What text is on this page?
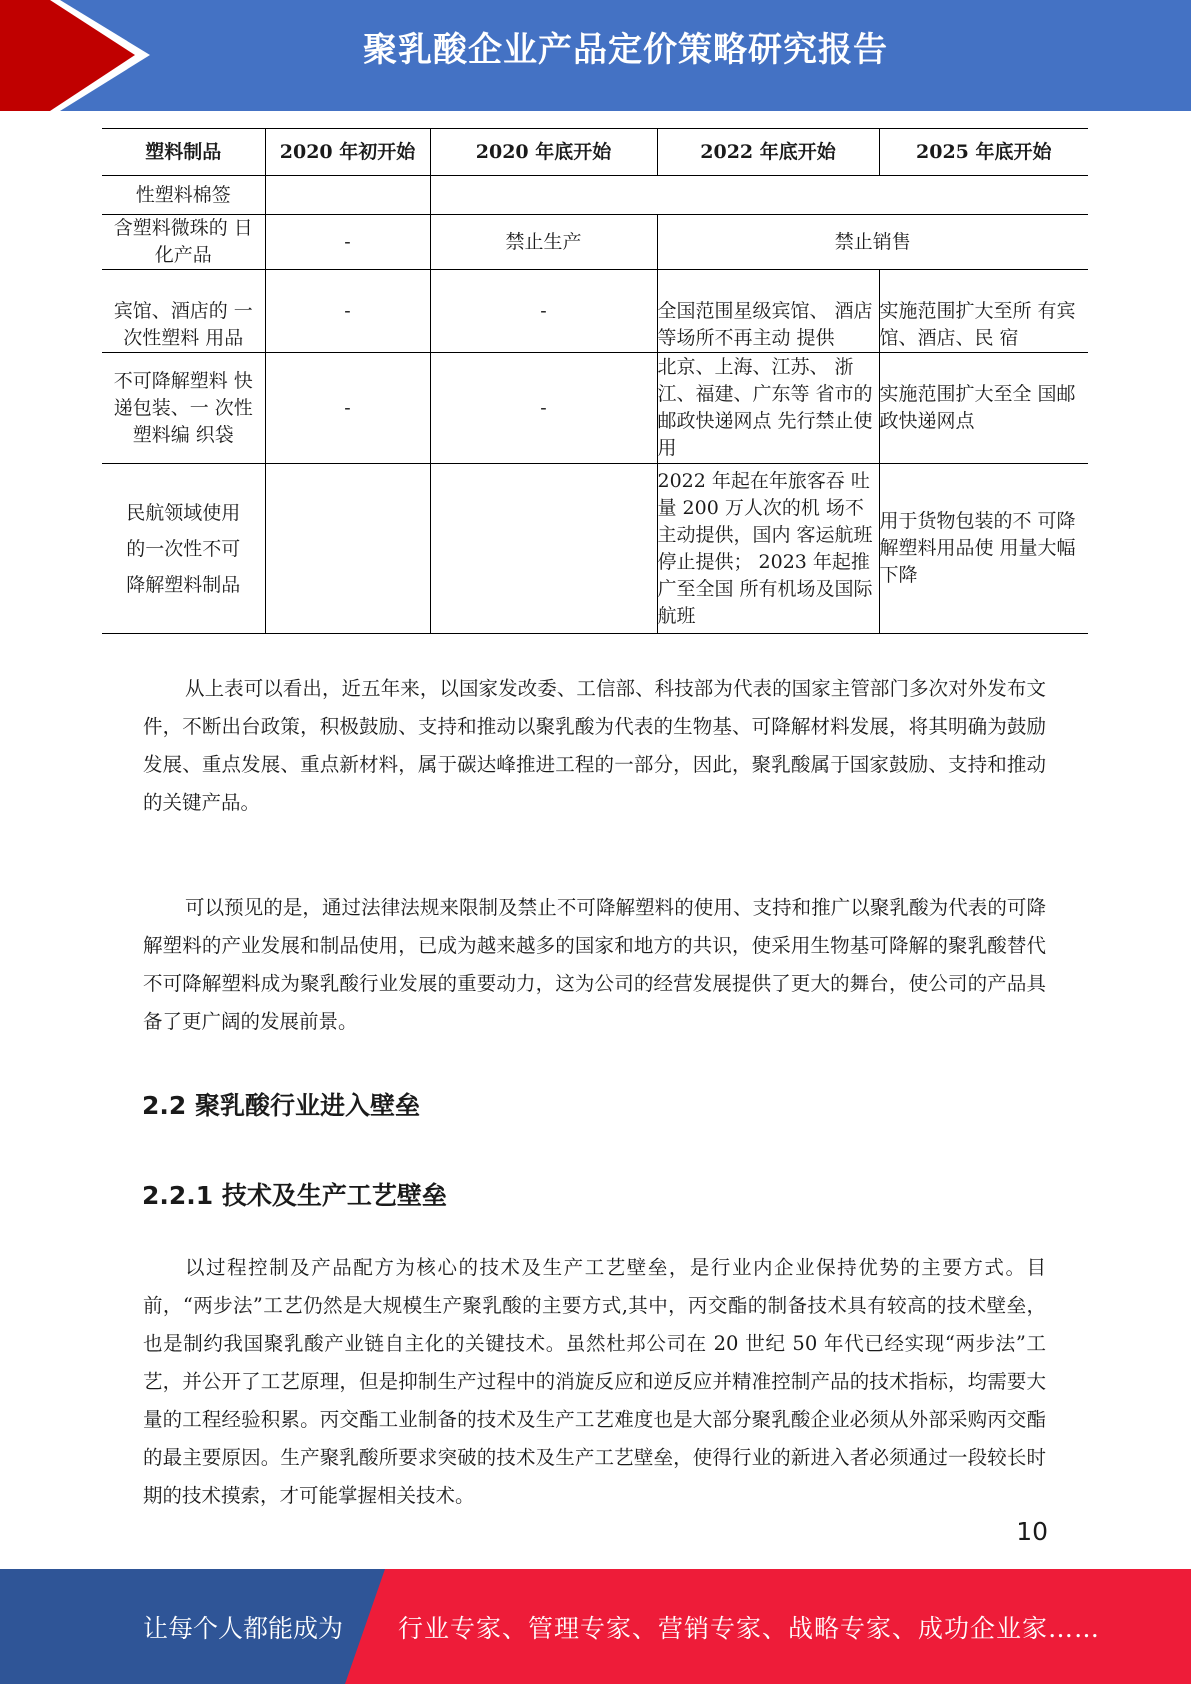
聚乳酸企业产品定价策略研究报告
塑料制品	2020 年初开始	2020 年底开始	2022 年底开始	2025 年底开始
性塑料棉签				
含塑料微珠的 日化产品	-	禁止生产	禁止销售	
宾馆、酒店的 一次性塑料 用品	-	-	全国范围星级宾馆、 酒店等场所不再主动 提供	实施范围扩大至所 有宾馆、酒店、民 宿
不可降解塑料 快递包装、一 次性塑料编 织袋	-	-	北京、上海、江苏、 浙江、福建、广东等 省市的邮政快递网点 先行禁止使用	实施范围扩大至全 国邮政快递网点
民航领域使用的一次性不可降解塑料制品			2022 年起在年旅客吞 吐量 200 万人次的机 场不主动提供，国内 客运航班停止提供； 2023 年起推广至全国 所有机场及国际航班	用于货物包装的不 可降解塑料用品使 用量大幅下降

从上表可以看出，近五年来，以国家发改委、工信部、科技部为代表的国家主管部门多次对外发布文件，不断出台政策，积极鼓励、支持和推动以聚乳酸为代表的生物基、可降解材料发展，将其明确为鼓励发展、重点发展、重点新材料，属于碳达峰推进工程的一部分，因此，聚乳酸属于国家鼓励、支持和推动的关键产品。

可以预见的是，通过法律法规来限制及禁止不可降解塑料的使用、支持和推广以聚乳酸为代表的可降解塑料的产业发展和制品使用，已成为越来越多的国家和地方的共识，使采用生物基可降解的聚乳酸替代不可降解塑料成为聚乳酸行业发展的重要动力，这为公司的经营发展提供了更大的舞台，使公司的产品具备了更广阔的发展前景。

2.2 聚乳酸行业进入壁垒
2.2.1 技术及生产工艺壁垒

以过程控制及产品配方为核心的技术及生产工艺壁垒，是行业内企业保持优势的主要方式。目前，“两步法”工艺仍然是大规模生产聚乳酸的主要方式,其中，丙交酯的制备技术具有较高的技术壁垒，也是制约我国聚乳酸产业链自主化的关键技术。虽然杜邦公司在 20 世纪 50 年代已经实现“两步法”工艺，并公开了工艺原理，但是抑制生产过程中的消旋反应和逆反应并精准控制产品的技术指标，均需要大量的工程经验积累。丙交酯工业制备的技术及生产工艺难度也是大部分聚乳酸企业必须从外部采购丙交酯的最主要原因。生产聚乳酸所要求突破的技术及生产工艺壁垒，使得行业的新进入者必须通过一段较长时期的技术摸索，才可能掌握相关技术。

10
让每个人都能成为 行业专家、管理专家、营销专家、战略专家、成功企业家……
